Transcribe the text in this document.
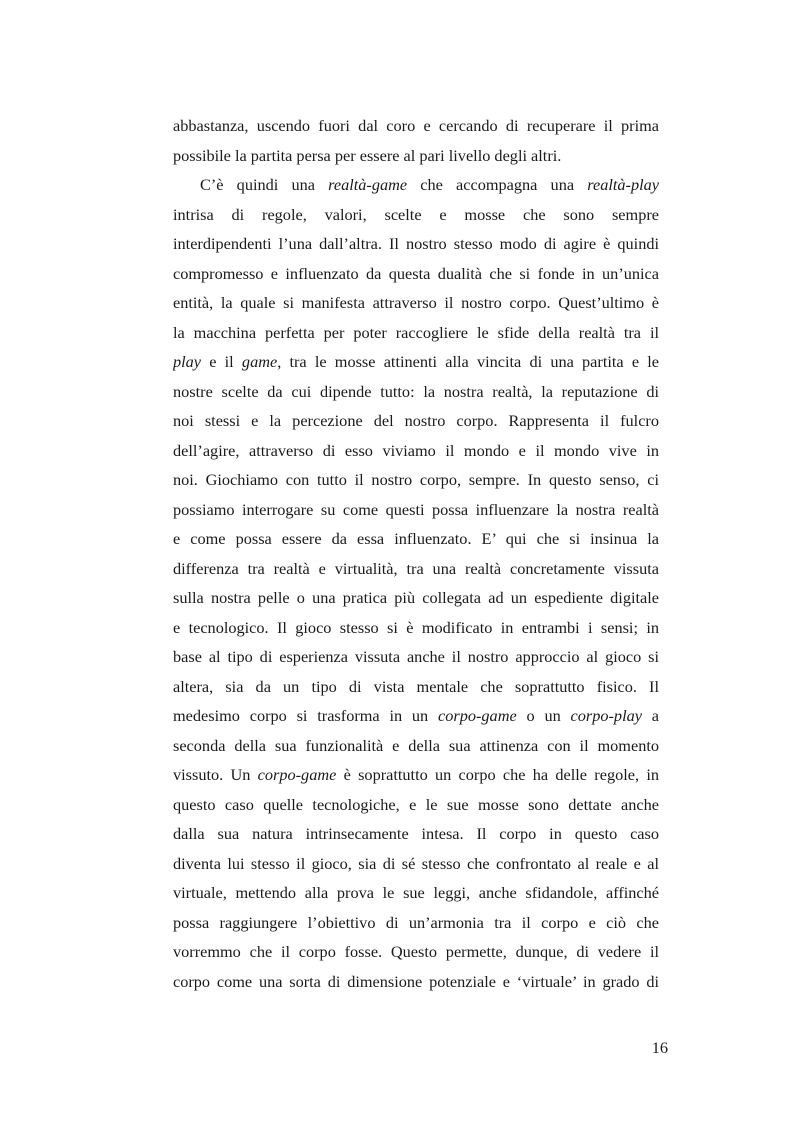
abbastanza, uscendo fuori dal coro e cercando di recuperare il prima
possibile la partita persa per essere al pari livello degli altri.
C’è quindi una realtà-game che accompagna una realtà-play
intrisa di regole, valori, scelte e mosse che sono sempre
interdipendenti l’una dall’altra. Il nostro stesso modo di agire è quindi
compromesso e influenzato da questa dualità che si fonde in un’unica
entità, la quale si manifesta attraverso il nostro corpo. Quest’ultimo è
la macchina perfetta per poter raccogliere le sfide della realtà tra il
play e il game, tra le mosse attinenti alla vincita di una partita e le
nostre scelte da cui dipende tutto: la nostra realtà, la reputazione di
noi stessi e la percezione del nostro corpo. Rappresenta il fulcro
dell’agire, attraverso di esso viviamo il mondo e il mondo vive in
noi. Giochiamo con tutto il nostro corpo, sempre. In questo senso, ci
possiamo interrogare su come questi possa influenzare la nostra realtà
e come possa essere da essa influenzato. E’ qui che si insinua la
differenza tra realtà e virtualità, tra una realtà concretamente vissuta
sulla nostra pelle o una pratica più collegata ad un espediente digitale
e tecnologico. Il gioco stesso si è modificato in entrambi i sensi; in
base al tipo di esperienza vissuta anche il nostro approccio al gioco si
altera, sia da un tipo di vista mentale che soprattutto fisico. Il
medesimo corpo si trasforma in un corpo-game o un corpo-play a
seconda della sua funzionalità e della sua attinenza con il momento
vissuto. Un corpo-game è soprattutto un corpo che ha delle regole, in
questo caso quelle tecnologiche, e le sue mosse sono dettate anche
dalla sua natura intrinsecamente intesa. Il corpo in questo caso
diventa lui stesso il gioco, sia di sé stesso che confrontato al reale e al
virtuale, mettendo alla prova le sue leggi, anche sfidandole, affinché
possa raggiungere l’obiettivo di un’armonia tra il corpo e ciò che
vorremmo che il corpo fosse. Questo permette, dunque, di vedere il
corpo come una sorta di dimensione potenziale e ‘virtuale’ in grado di
16
